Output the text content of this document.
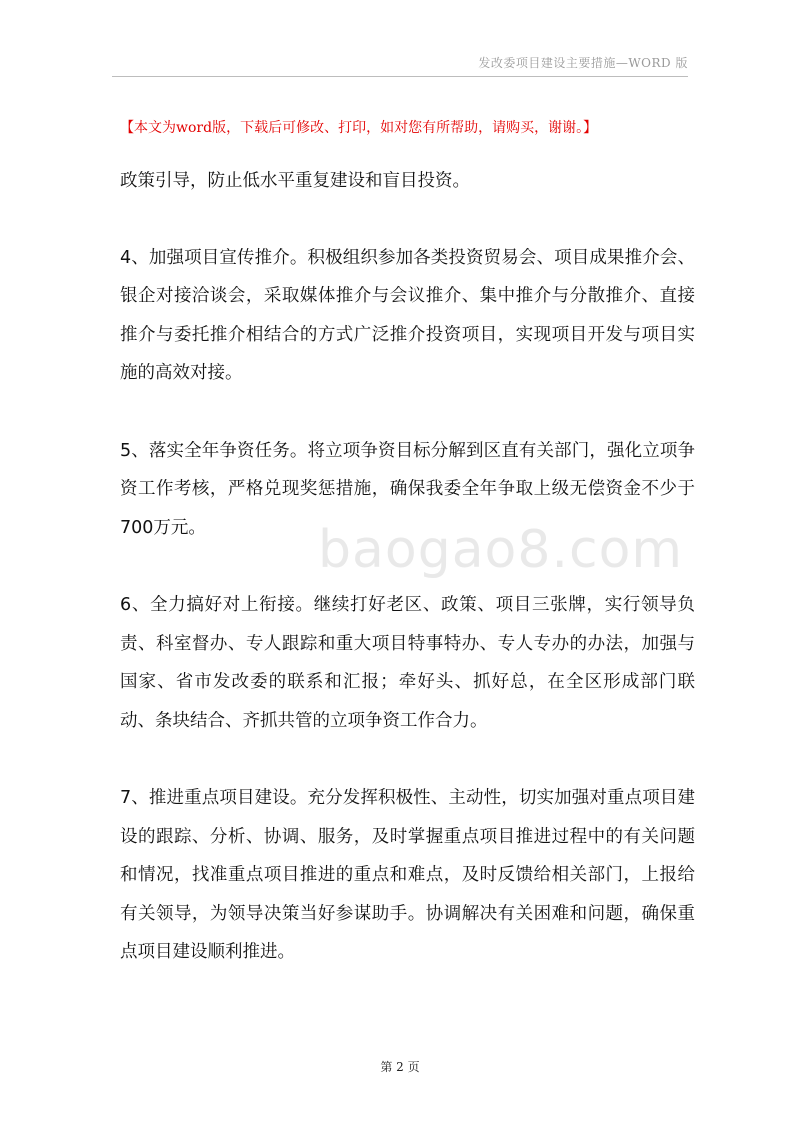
发改委项目建设主要措施—WORD 版
【本文为word版，下载后可修改、打印，如对您有所帮助，请购买，谢谢。】
baogao8.com

政策引导，防止低水平重复建设和盲目投资。

4、加强项目宣传推介。积极组织参加各类投资贸易会、项目成果推介会、银企对接洽谈会，采取媒体推介与会议推介、集中推介与分散推介、直接推介与委托推介相结合的方式广泛推介投资项目，实现项目开发与项目实施的高效对接。

5、落实全年争资任务。将立项争资目标分解到区直有关部门，强化立项争资工作考核，严格兑现奖惩措施，确保我委全年争取上级无偿资金不少于700万元。

6、全力搞好对上衔接。继续打好老区、政策、项目三张牌，实行领导负责、科室督办、专人跟踪和重大项目特事特办、专人专办的办法，加强与国家、省市发改委的联系和汇报；牵好头、抓好总，在全区形成部门联动、条块结合、齐抓共管的立项争资工作合力。

7、推进重点项目建设。充分发挥积极性、主动性，切实加强对重点项目建设的跟踪、分析、协调、服务，及时掌握重点项目推进过程中的有关问题和情况，找准重点项目推进的重点和难点，及时反馈给相关部门，上报给有关领导，为领导决策当好参谋助手。协调解决有关困难和问题，确保重点项目建设顺利推进。

第 2 页
